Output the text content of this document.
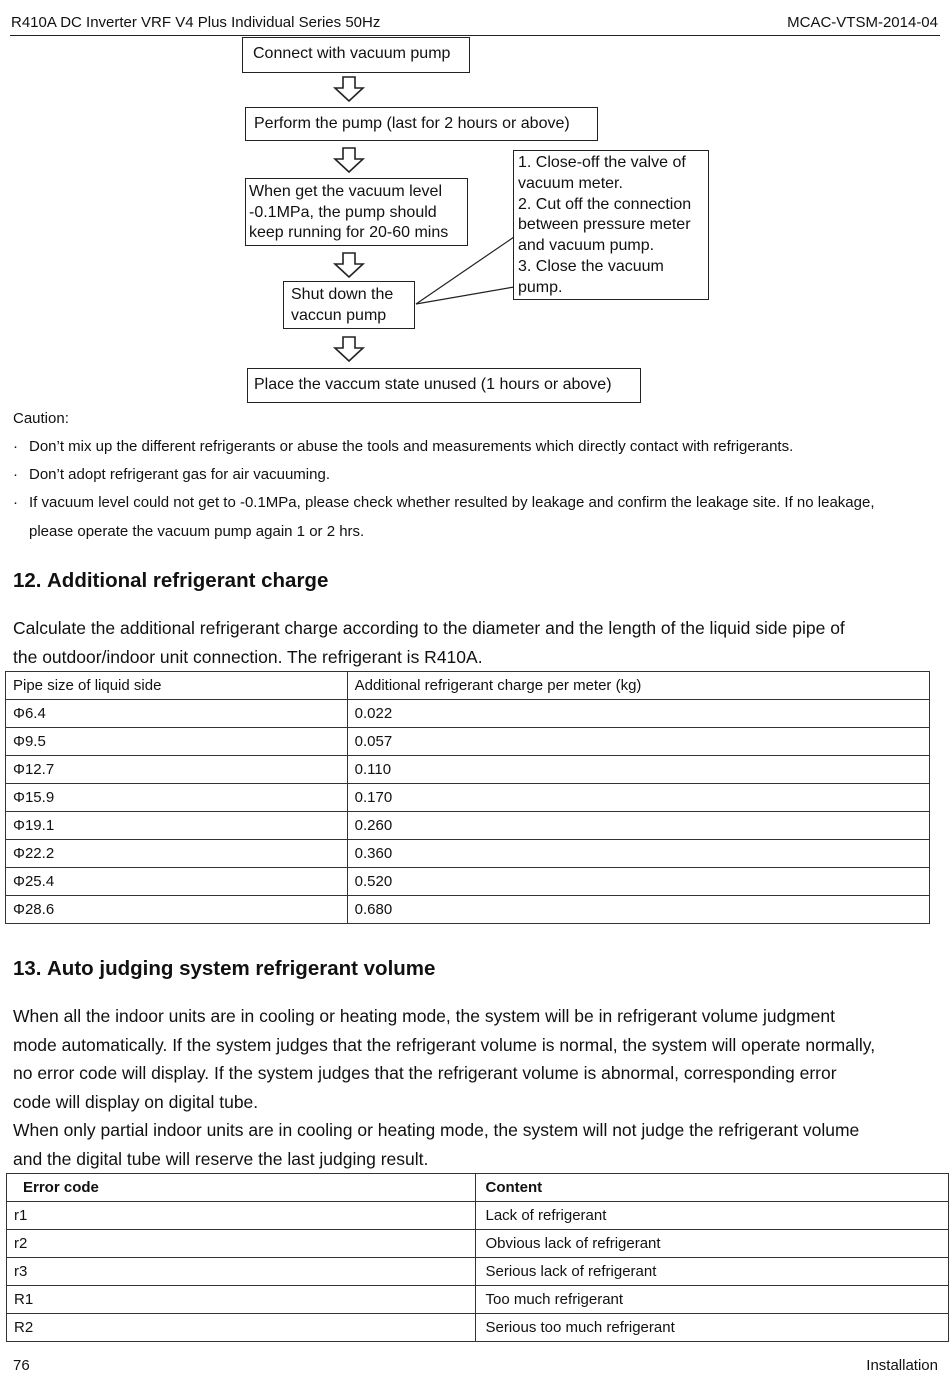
R410A DC Inverter VRF V4 Plus Individual Series 50Hz	MCAC-VTSM-2014-04
Connect with vacuum pump
Perform the pump (last for 2 hours or above)
When get the vacuum level
-0.1MPa, the pump should
keep running for 20-60 mins
Shut down the
vaccun pump
Place the vaccum state unused (1 hours or above)
1. Close-off the valve of
vacuum meter.
2. Cut off the connection
between pressure meter
and vacuum pump.
3. Close the vacuum
pump.
Caution:
· Don’t mix up the different refrigerants or abuse the tools and measurements which directly contact with refrigerants.
· Don’t adopt refrigerant gas for air vacuuming.
· If vacuum level could not get to -0.1MPa, please check whether resulted by leakage and confirm the leakage site. If no leakage,
please operate the vacuum pump again 1 or 2 hrs.
12. Additional refrigerant charge
Calculate the additional refrigerant charge according to the diameter and the length of the liquid side pipe of
the outdoor/indoor unit connection. The refrigerant is R410A.
Pipe size of liquid side	Additional refrigerant charge per meter (kg)
Φ6.4	0.022
Φ9.5	0.057
Φ12.7	0.110
Φ15.9	0.170
Φ19.1	0.260
Φ22.2	0.360
Φ25.4	0.520
Φ28.6	0.680
13. Auto judging system refrigerant volume
When all the indoor units are in cooling or heating mode, the system will be in refrigerant volume judgment
mode automatically. If the system judges that the refrigerant volume is normal, the system will operate normally,
no error code will display. If the system judges that the refrigerant volume is abnormal, corresponding error
code will display on digital tube.
When only partial indoor units are in cooling or heating mode, the system will not judge the refrigerant volume
and the digital tube will reserve the last judging result.
Error code	Content
r1	Lack of refrigerant
r2	Obvious lack of refrigerant
r3	Serious lack of refrigerant
R1	Too much refrigerant
R2	Serious too much refrigerant
76	Installation
